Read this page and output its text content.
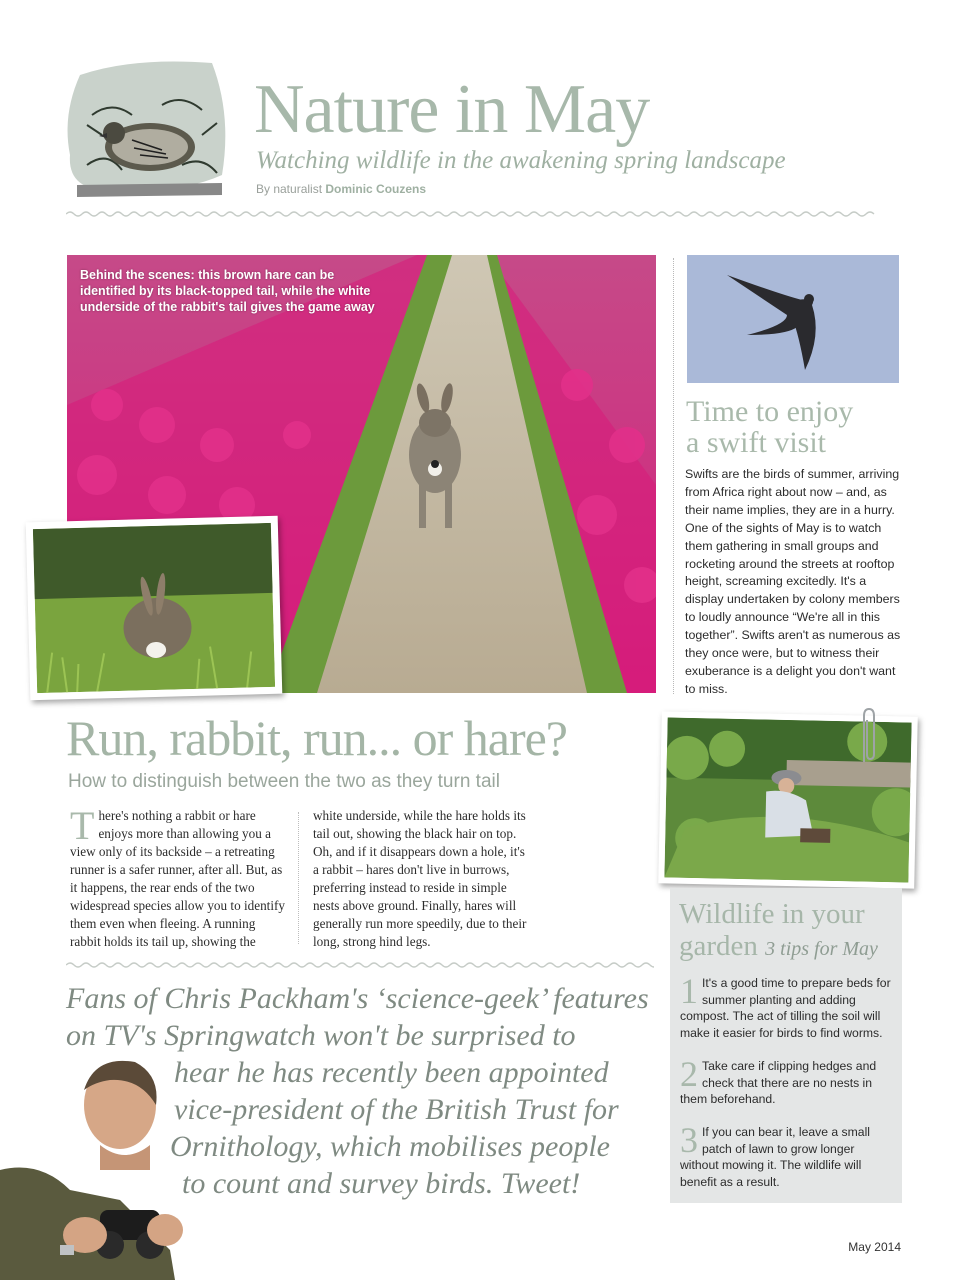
Nature in May
Watching wildlife in the awakening spring landscape
By naturalist Dominic Couzens
Behind the scenes: this brown hare can be identified by its black-topped tail, while the white underside of the rabbit's tail gives the game away
Time to enjoy
a swift visit
Swifts are the birds of summer, arriving from Africa right about now – and, as their name implies, they are in a hurry. One of the sights of May is to watch them gathering in small groups and rocketing around the streets at rooftop height, screaming excitedly. It's a display undertaken by colony members to loudly announce “We're all in this together”. Swifts aren't as numerous as they once were, but to witness their exuberance is a delight you don't want to miss.
Run, rabbit, run... or hare?
How to distinguish between the two as they turn tail
There's nothing a rabbit or hare enjoys more than allowing you a view only of its backside – a retreating runner is a safer runner, after all. But, as it happens, the rear ends of the two widespread species allow you to identify them even when fleeing. A running rabbit holds its tail up, showing the
white underside, while the hare holds its tail out, showing the black hair on top. Oh, and if it disappears down a hole, it's a rabbit – hares don't live in burrows, preferring instead to reside in simple nests above ground. Finally, hares will generally run more speedily, due to their long, strong hind legs.
Fans of Chris Packham's ‘science-geek’ features
on TV's Springwatch won't be surprised to
hear he has recently been appointed
vice-president of the British Trust for
Ornithology, which mobilises people
to count and survey birds. Tweet!
Wildlife in your
garden 3 tips for May
1 It's a good time to prepare beds for summer planting and adding compost. The act of tilling the soil will make it easier for birds to find worms.
2 Take care if clipping hedges and check that there are no nests in them beforehand.
3 If you can bear it, leave a small patch of lawn to grow longer without mowing it. The wildlife will benefit as a result.
May 2014
